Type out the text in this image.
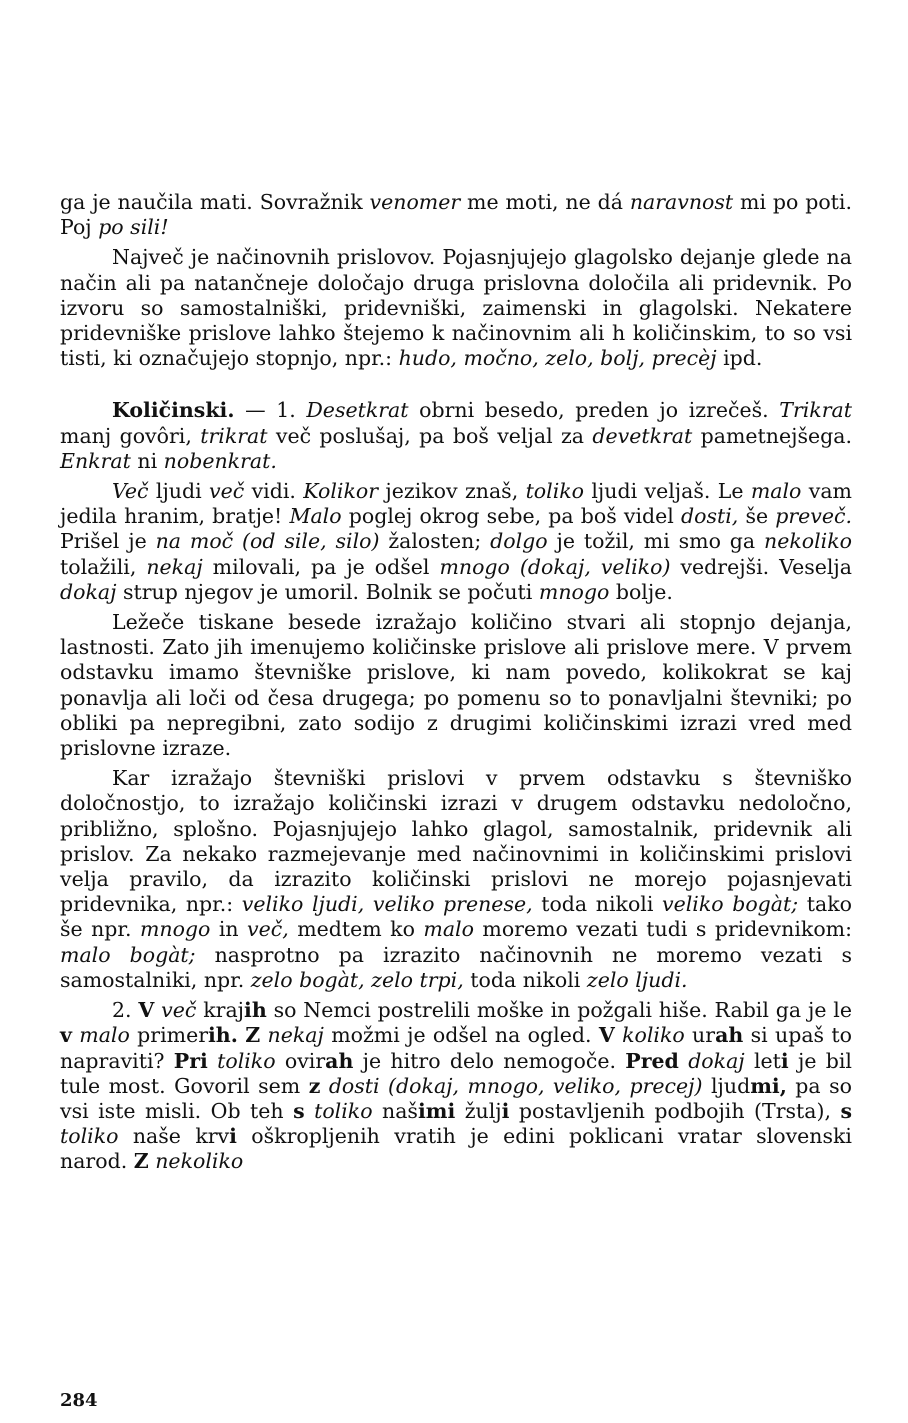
ga je naučila mati. Sovražnik venomer me moti, ne dá naravnost mi po poti. Poj po sili!

Največ je načinovnih prislovov. Pojasnjujejo glagolsko dejanje glede na način ali pa natančneje določajo druga prislovna določila ali pridevnik. Po izvoru so samostalniški, pridevniški, zaimenski in glagolski. Nekatere pridevniške prislove lahko štejemo k načinovnim ali h količinskim, to so vsi tisti, ki označujejo stopnjo, npr.: hudo, močno, zelo, bolj, precèj ipd.

Količinski. — 1. Desetkrat obrni besedo, preden jo izrečeš. Trikrat manj govôri, trikrat več poslušaj, pa boš veljal za devetkrat pametnejšega. Enkrat ni nobenkrat.

Več ljudi več vidi. Kolikor jezikov znaš, toliko ljudi veljaš. Le malo vam jedila hranim, bratje! Malo poglej okrog sebe, pa boš videl dosti, še preveč. Prišel je na moč (od sile, silo) žalosten; dolgo je tožil, mi smo ga nekoliko tolažili, nekaj milovali, pa je odšel mnogo (dokaj, veliko) vedrejši. Veselja dokaj strup njegov je umoril. Bolnik se počuti mnogo bolje.

Ležeče tiskane besede izražajo količino stvari ali stopnjo dejanja, lastnosti. Zato jih imenujemo količinske prislove ali prislove mere. V prvem odstavku imamo števniške prislove, ki nam povedo, kolikokrat se kaj ponavlja ali loči od česa drugega; po pomenu so to ponavljalni števniki; po obliki pa nepregibni, zato sodijo z drugimi količinskimi izrazi vred med prislovne izraze.

Kar izražajo števniški prislovi v prvem odstavku s števniško določnostjo, to izražajo količinski izrazi v drugem odstavku nedoločno, približno, splošno. Pojasnjujejo lahko glagol, samostalnik, pridevnik ali prislov. Za nekako razmejevanje med načinovnimi in količinskimi prislovi velja pravilo, da izrazito količinski prislovi ne morejo pojasnjevati pridevnika, npr.: veliko ljudi, veliko prenese, toda nikoli veliko bogàt; tako še npr. mnogo in več, medtem ko malo moremo vezati tudi s pridevnikom: malo bogàt; nasprotno pa izrazito načinovnih ne moremo vezati s samostalniki, npr. zelo bogàt, zelo trpi, toda nikoli zelo ljudi.

2. V več krajih so Nemci postrelili moške in požgali hiše. Rabil ga je le v malo primerih. Z nekaj možmi je odšel na ogled. V koliko urah si upaš to napraviti? Pri toliko ovirah je hitro delo nemogoče. Pred dokaj leti je bil tule most. Govoril sem z dosti (dokaj, mnogo, veliko, precej) ljudmi, pa so vsi iste misli. Ob teh s toliko našimi žulji postavljenih podbojih (Trsta), s toliko naše krvi oškropljenih vratih je edini poklicani vratar slovenski narod. Z nekoliko

284
